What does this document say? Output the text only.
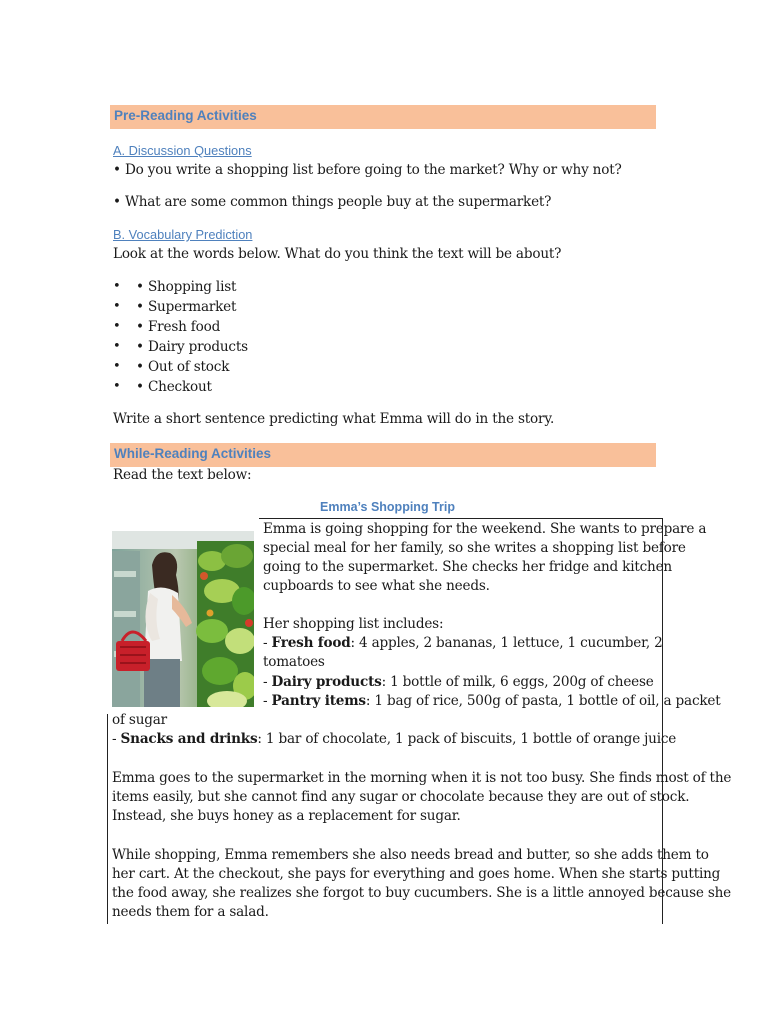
Pre-Reading Activities
A. Discussion Questions
• Do you write a shopping list before going to the market? Why or why not?
• What are some common things people buy at the supermarket?
B. Vocabulary Prediction
Look at the words below. What do you think the text will be about?
• • Shopping list
• • Supermarket
• • Fresh food
• • Dairy products
• • Out of stock
• • Checkout
Write a short sentence predicting what Emma will do in the story.
While-Reading Activities
Read the text below:
Emma’s Shopping Trip
Emma is going shopping for the weekend. She wants to prepare a
special meal for her family, so she writes a shopping list before
going to the supermarket. She checks her fridge and kitchen
cupboards to see what she needs.
Her shopping list includes:
- Fresh food: 4 apples, 2 bananas, 1 lettuce, 1 cucumber, 2
tomatoes
- Dairy products: 1 bottle of milk, 6 eggs, 200g of cheese
- Pantry items: 1 bag of rice, 500g of pasta, 1 bottle of oil, a packet
of sugar
- Snacks and drinks: 1 bar of chocolate, 1 pack of biscuits, 1 bottle of orange juice
Emma goes to the supermarket in the morning when it is not too busy. She finds most of the
items easily, but she cannot find any sugar or chocolate because they are out of stock.
Instead, she buys honey as a replacement for sugar.
While shopping, Emma remembers she also needs bread and butter, so she adds them to
her cart. At the checkout, she pays for everything and goes home. When she starts putting
the food away, she realizes she forgot to buy cucumbers. She is a little annoyed because she
needs them for a salad.
